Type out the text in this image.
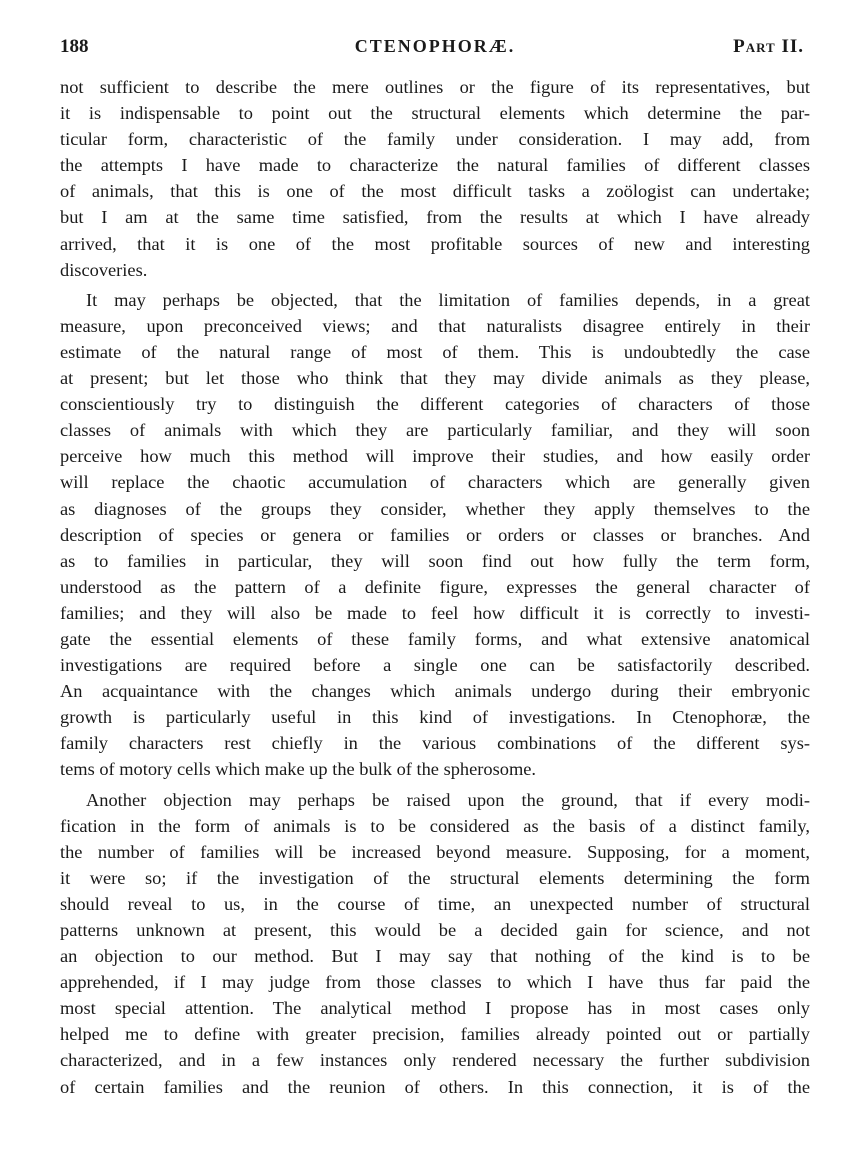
188	CTENOPHORÆ.	Part II.
not sufficient to describe the mere outlines or the figure of its representatives, but
it is indispensable to point out the structural elements which determine the par-
ticular form, characteristic of the family under consideration. I may add, from
the attempts I have made to characterize the natural families of different classes
of animals, that this is one of the most difficult tasks a zoölogist can undertake;
but I am at the same time satisfied, from the results at which I have already
arrived, that it is one of the most profitable sources of new and interesting
discoveries.
It may perhaps be objected, that the limitation of families depends, in a great
measure, upon preconceived views; and that naturalists disagree entirely in their
estimate of the natural range of most of them. This is undoubtedly the case
at present; but let those who think that they may divide animals as they please,
conscientiously try to distinguish the different categories of characters of those
classes of animals with which they are particularly familiar, and they will soon
perceive how much this method will improve their studies, and how easily order
will replace the chaotic accumulation of characters which are generally given
as diagnoses of the groups they consider, whether they apply themselves to the
description of species or genera or families or orders or classes or branches. And
as to families in particular, they will soon find out how fully the term form,
understood as the pattern of a definite figure, expresses the general character of
families; and they will also be made to feel how difficult it is correctly to investi-
gate the essential elements of these family forms, and what extensive anatomical
investigations are required before a single one can be satisfactorily described.
An acquaintance with the changes which animals undergo during their embryonic
growth is particularly useful in this kind of investigations. In Ctenophoræ, the
family characters rest chiefly in the various combinations of the different sys-
tems of motory cells which make up the bulk of the spherosome.
Another objection may perhaps be raised upon the ground, that if every modi-
fication in the form of animals is to be considered as the basis of a distinct family,
the number of families will be increased beyond measure. Supposing, for a moment,
it were so; if the investigation of the structural elements determining the form
should reveal to us, in the course of time, an unexpected number of structural
patterns unknown at present, this would be a decided gain for science, and not
an objection to our method. But I may say that nothing of the kind is to be
apprehended, if I may judge from those classes to which I have thus far paid the
most special attention. The analytical method I propose has in most cases only
helped me to define with greater precision, families already pointed out or partially
characterized, and in a few instances only rendered necessary the further subdivision
of certain families and the reunion of others. In this connection, it is of the
